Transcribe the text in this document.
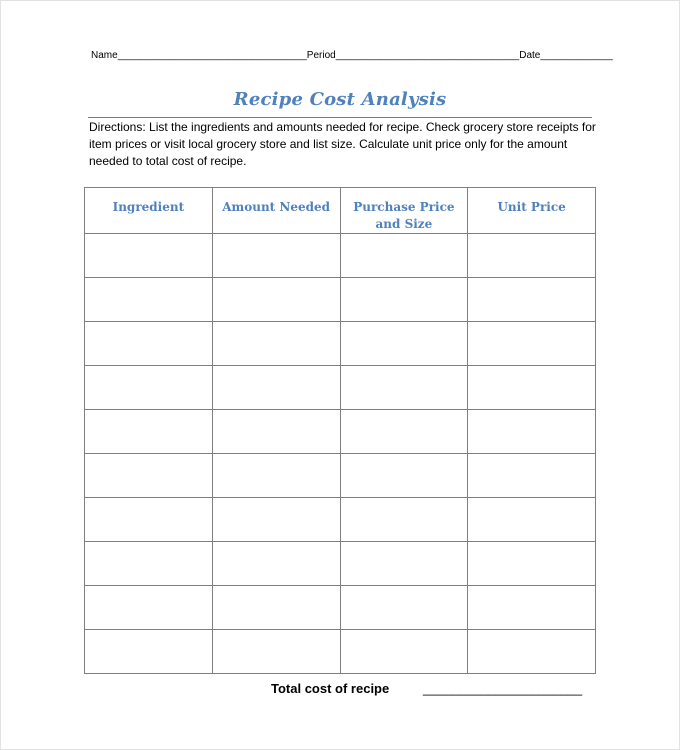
Name__________________________________Period_________________________________Date_____________
Recipe Cost Analysis
Directions: List the ingredients and amounts needed for recipe. Check grocery store receipts for item prices or visit local grocery store and list size. Calculate unit price only for the amount needed to total cost of recipe.
Ingredient	Amount Needed	Purchase Price and Size	Unit Price

Total cost of recipe	______________________
